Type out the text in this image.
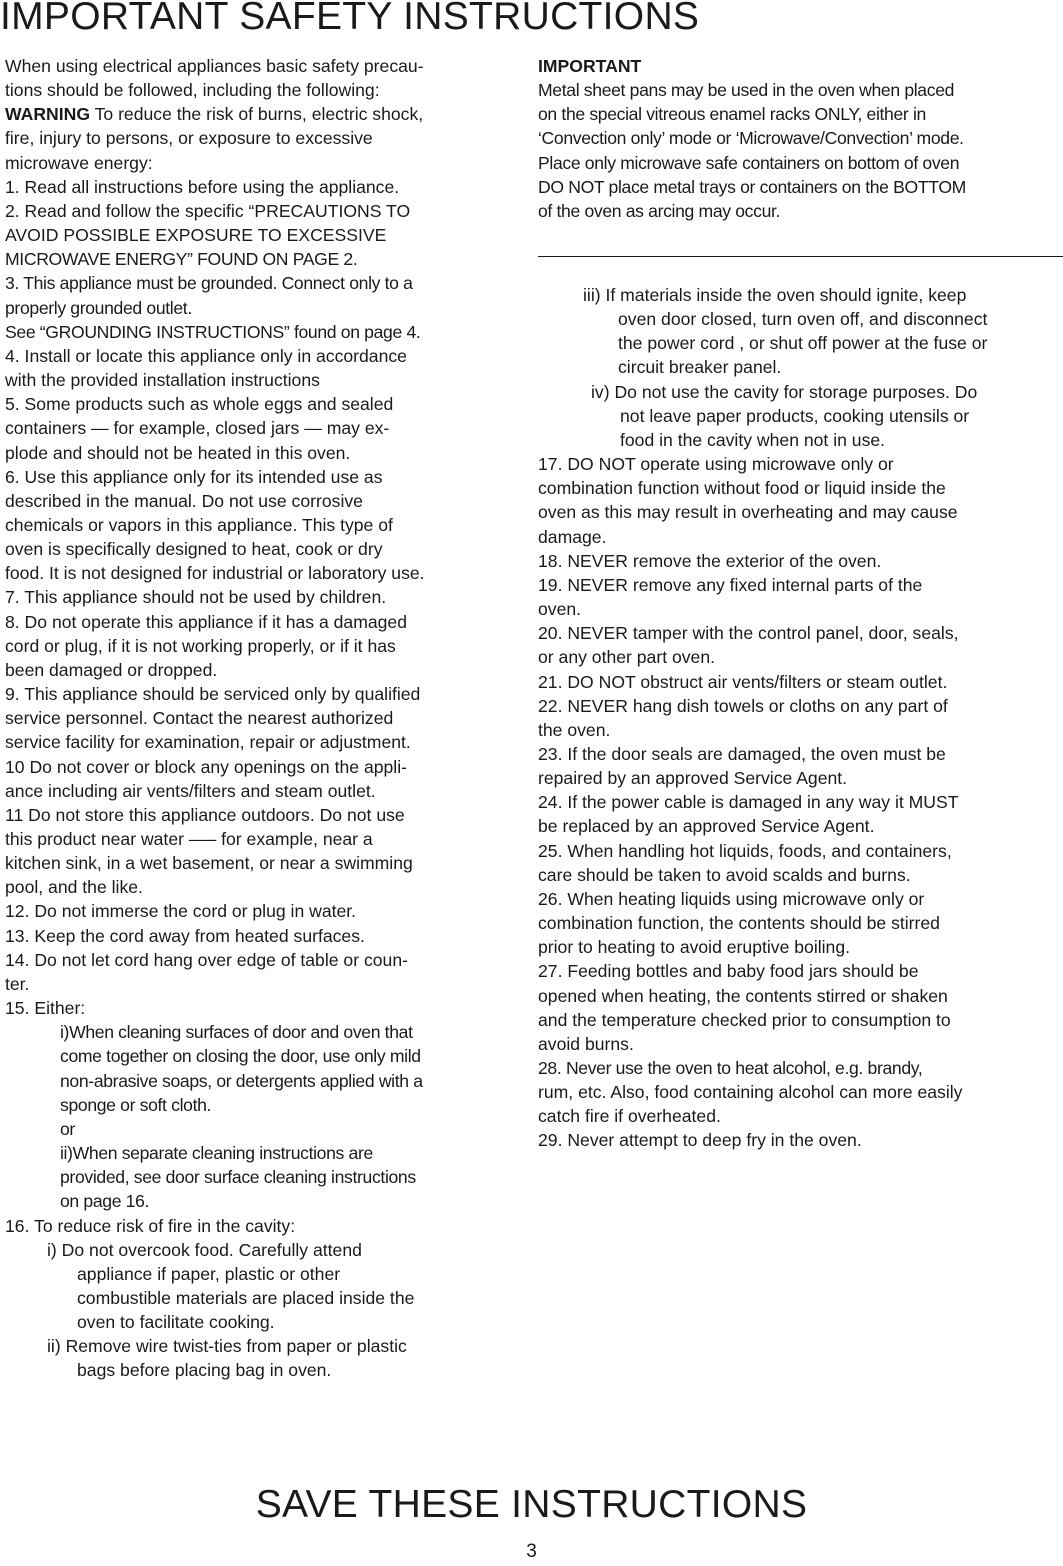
IMPORTANT SAFETY INSTRUCTIONS

When using electrical appliances basic safety precau-

tions should be followed, including the following:

WARNING To reduce the risk of burns, electric shock,

fire, injury to persons, or exposure to excessive

microwave energy:

1. Read all instructions before using the appliance.

2. Read and follow the specific “PRECAUTIONS TO

AVOID POSSIBLE EXPOSURE TO EXCESSIVE

MICROWAVE ENERGY” FOUND ON PAGE 2.

3. This appliance must be grounded. Connect only to a

properly grounded outlet.

See “GROUNDING INSTRUCTIONS” found on page 4.

4. Install or locate this appliance only in accordance

with the provided installation instructions

5. Some products such as whole eggs and sealed

containers — for example, closed jars — may ex-

plode and should not be heated in this oven.

6. Use this appliance only for its intended use as

described in the manual. Do not use corrosive

chemicals or vapors in this appliance. This type of

oven is specifically designed to heat, cook or dry

food. It is not designed for industrial or laboratory use.

7. This appliance should not be used by children.

8. Do not operate this appliance if it has a damaged

cord or plug, if it is not working properly, or if it has

been damaged or dropped.

9. This appliance should be serviced only by qualified

service personnel. Contact the nearest authorized

service facility for examination, repair or adjustment.

10 Do not cover or block any openings on the appli-

ance including air vents/filters and steam outlet.

11 Do not store this appliance outdoors. Do not use

this product near water —– for example, near a

kitchen sink, in a wet basement, or near a swimming

pool, and the like.

12. Do not immerse the cord or plug in water.

13. Keep the cord away from heated surfaces.

14. Do not let cord hang over edge of table or coun-

ter.

15. Either:

i)When cleaning surfaces of door and oven that

come together on closing the door, use only mild

non-abrasive soaps, or detergents applied with a

sponge or soft cloth.

or

ii)When separate cleaning instructions are

provided, see door surface cleaning instructions

on page 16.

16. To reduce risk of fire in the cavity:

i) Do not overcook food. Carefully attend

appliance if paper, plastic or other

combustible materials are placed inside the

oven to facilitate cooking.

ii) Remove wire twist-ties from paper or plastic

bags before placing bag in oven.

IMPORTANT

Metal sheet pans may be used in the oven when placed

on the special vitreous enamel racks ONLY, either in

‘Convection only’ mode or ‘Microwave/Convection’ mode.

Place only microwave safe containers on bottom of oven

DO NOT place metal trays or containers on the BOTTOM

of the oven as arcing may occur.

iii) If materials inside the oven should ignite, keep

oven door closed, turn oven off, and disconnect

the power cord , or shut off power at the fuse or

circuit breaker panel.

iv) Do not use the cavity for storage purposes. Do

not leave paper products, cooking utensils or

food in the cavity when not in use.

17. DO NOT operate using microwave only or

combination function without food or liquid inside the

oven as this may result in overheating and may cause

damage.

18. NEVER remove the exterior of the oven.

19. NEVER remove any fixed internal parts of the

oven.

20. NEVER tamper with the control panel, door, seals,

or any other part oven.

21. DO NOT obstruct air vents/filters or steam outlet.

22. NEVER hang dish towels or cloths on any part of

the oven.

23. If the door seals are damaged, the oven must be

repaired by an approved Service Agent.

24. If the power cable is damaged in any way it MUST

be replaced by an approved Service Agent.

25. When handling hot liquids, foods, and containers,

care should be taken to avoid scalds and burns.

26. When heating liquids using microwave only or

combination function, the contents should be stirred

prior to heating to avoid eruptive boiling.

27. Feeding bottles and baby food jars should be

opened when heating, the contents stirred or shaken

and the temperature checked prior to consumption to

avoid burns.

28. Never use the oven to heat alcohol, e.g. brandy,

rum, etc. Also, food containing alcohol can more easily

catch fire if overheated.

29. Never attempt to deep fry in the oven.

SAVE THESE INSTRUCTIONS
3
